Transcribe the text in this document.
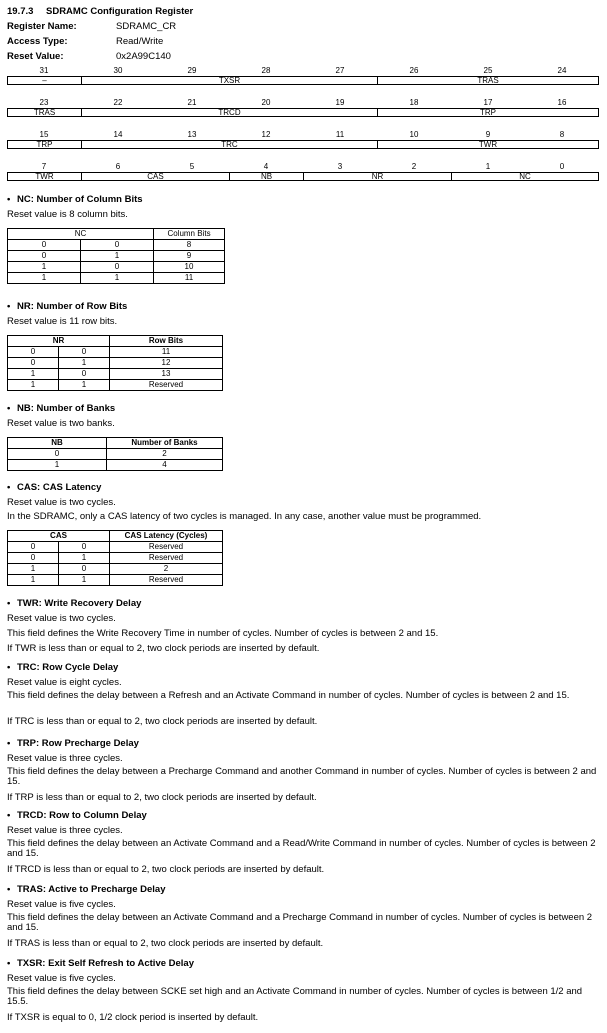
19.7.3 SDRAMC Configuration Register
Register Name:	SDRAMC_CR
Access Type:	Read/Write
Reset Value:	0x2A99C140
31	30	29	28	27	26	25	24
–	TXSR	TRAS
23	22	21	20	19	18	17	16
TRAS	TRCD	TRP
15	14	13	12	11	10	9	8
TRP	TRC	TWR
7	6	5	4	3	2	1	0
TWR	CAS	NB	NR	NC
• NC: Number of Column Bits
Reset value is 8 column bits.
NC		Column Bits
0	0	8
0	1	9
1	0	10
1	1	11
• NR: Number of Row Bits
Reset value is 11 row bits.
NR		Row Bits
0	0	11
0	1	12
1	0	13
1	1	Reserved
• NB: Number of Banks
Reset value is two banks.
NB	Number of Banks
0	2
1	4
• CAS: CAS Latency
Reset value is two cycles.
In the SDRAMC, only a CAS latency of two cycles is managed. In any case, another value must be programmed.
CAS		CAS Latency (Cycles)
0	0	Reserved
0	1	Reserved
1	0	2
1	1	Reserved
• TWR: Write Recovery Delay
Reset value is two cycles.
This field defines the Write Recovery Time in number of cycles. Number of cycles is between 2 and 15.
If TWR is less than or equal to 2, two clock periods are inserted by default.
• TRC: Row Cycle Delay
Reset value is eight cycles.
This field defines the delay between a Refresh and an Activate Command in number of cycles. Number of cycles is between 2 and 15.
If TRC is less than or equal to 2, two clock periods are inserted by default.
• TRP: Row Precharge Delay
Reset value is three cycles.
This field defines the delay between a Precharge Command and another Command in number of cycles. Number of cycles is between 2 and 15.
If TRP is less than or equal to 2, two clock periods are inserted by default.
• TRCD: Row to Column Delay
Reset value is three cycles.
This field defines the delay between an Activate Command and a Read/Write Command in number of cycles. Number of cycles is between 2 and 15.
If TRCD is less than or equal to 2, two clock periods are inserted by default.
• TRAS: Active to Precharge Delay
Reset value is five cycles.
This field defines the delay between an Activate Command and a Precharge Command in number of cycles. Number of cycles is between 2 and 15.
If TRAS is less than or equal to 2, two clock periods are inserted by default.
• TXSR: Exit Self Refresh to Active Delay
Reset value is five cycles.
This field defines the delay between SCKE set high and an Activate Command in number of cycles. Number of cycles is between 1/2 and 15.5.
If TXSR is equal to 0, 1/2 clock period is inserted by default.
